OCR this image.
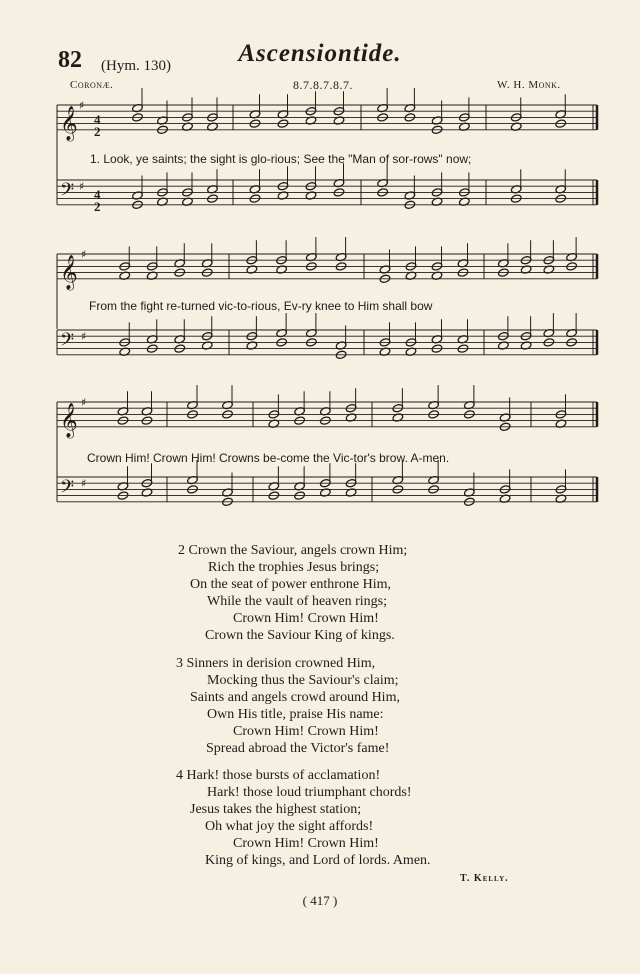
82 (Hym. 130)	Ascensiontide.
Coronæ.	8.7.8.7.8.7.	W. H. Monk.
4
2
4
2
𝄞
♯
𝄢 ♯
𝄞
♯
𝄢 ♯
𝄞
♯
𝄢 ♯
1. Look, ye saints; the sight is glo-rious; See the "Man of sor-rows" now;
From the fight re-turned vic-to-rious, Ev-ry knee to Him shall bow
Crown Him! Crown Him! Crowns be-come the Vic-tor's brow. A-men.
2 Crown the Saviour, angels crown Him;
Rich the trophies Jesus brings;
On the seat of power enthrone Him,
While the vault of heaven rings;
Crown Him! Crown Him!
Crown the Saviour King of kings.
3 Sinners in derision crowned Him,
Mocking thus the Saviour's claim;
Saints and angels crowd around Him,
Own His title, praise His name:
Crown Him! Crown Him!
Spread abroad the Victor's fame!
4 Hark! those bursts of acclamation!
Hark! those loud triumphant chords!
Jesus takes the highest station;
Oh what joy the sight affords!
Crown Him! Crown Him!
King of kings, and Lord of lords. Amen.
T. Kelly.
( 417 )
